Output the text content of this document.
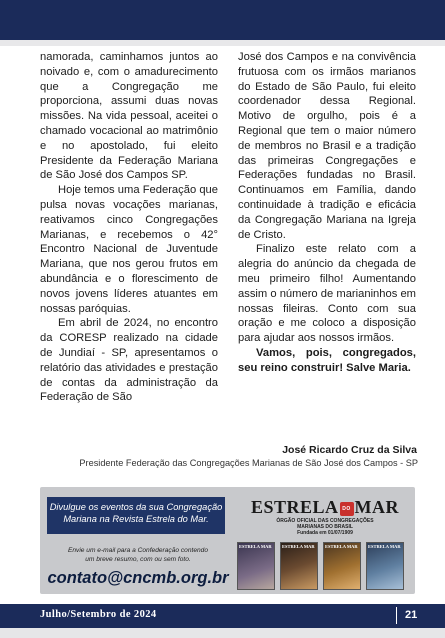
namorada, caminhamos juntos ao noivado e, com o amadurecimento que a Congregação me proporciona, assumi duas novas missões. Na vida pessoal, aceitei o chamado vocacional ao matrimônio e no apostolado, fui eleito Presidente da Federação Mariana de São José dos Campos SP.

Hoje temos uma Federação que pulsa novas vocações marianas, reativamos cinco Congregações Marianas, e recebemos o 42° Encontro Nacional de Juventude Mariana, que nos gerou frutos em abundância e o florescimento de novos jovens líderes atuantes em nossas paróquias.

Em abril de 2024, no encontro da CORESP realizado na cidade de Jundiaí - SP, apresentamos o relatório das atividades e prestação de contas da administração da Federação de São

José dos Campos e na convivência frutuosa com os irmãos marianos do Estado de São Paulo, fui eleito coordenador dessa Regional. Motivo de orgulho, pois é a Regional que tem o maior número de membros no Brasil e a tradição das primeiras Congregações e Federações fundadas no Brasil. Continuamos em Família, dando continuidade à tradição e eficácia da Congregação Mariana na Igreja de Cristo.

Finalizo este relato com a alegria do anúncio da chegada de meu primeiro filho! Aumentando assim o número de marianinhos em nossas fileiras. Conto com sua oração e me coloco a disposição para ajudar aos nossos irmãos.

Vamos, pois, congregados, seu reino construir! Salve Maria.

José Ricardo Cruz da Silva
Presidente Federação das Congregações Marianas de São José dos Campos - SP
Divulgue os eventos da sua Congregação
Mariana na Revista Estrela do Mar.
Envie um e-mail para a Confederação contendo
um breve resumo, com ou sem foto.
contato@cncmb.org.br
ESTRELA DO MAR
ÓRGÃO OFICIAL DAS CONGREGAÇÕES
MARIANAS DO BRASIL
Fundada em 01/07/1909
ESTRELA MAR ESTRELA MAR ESTRELA MAR ESTRELA MAR
Julho/Setembro de 2024	21
